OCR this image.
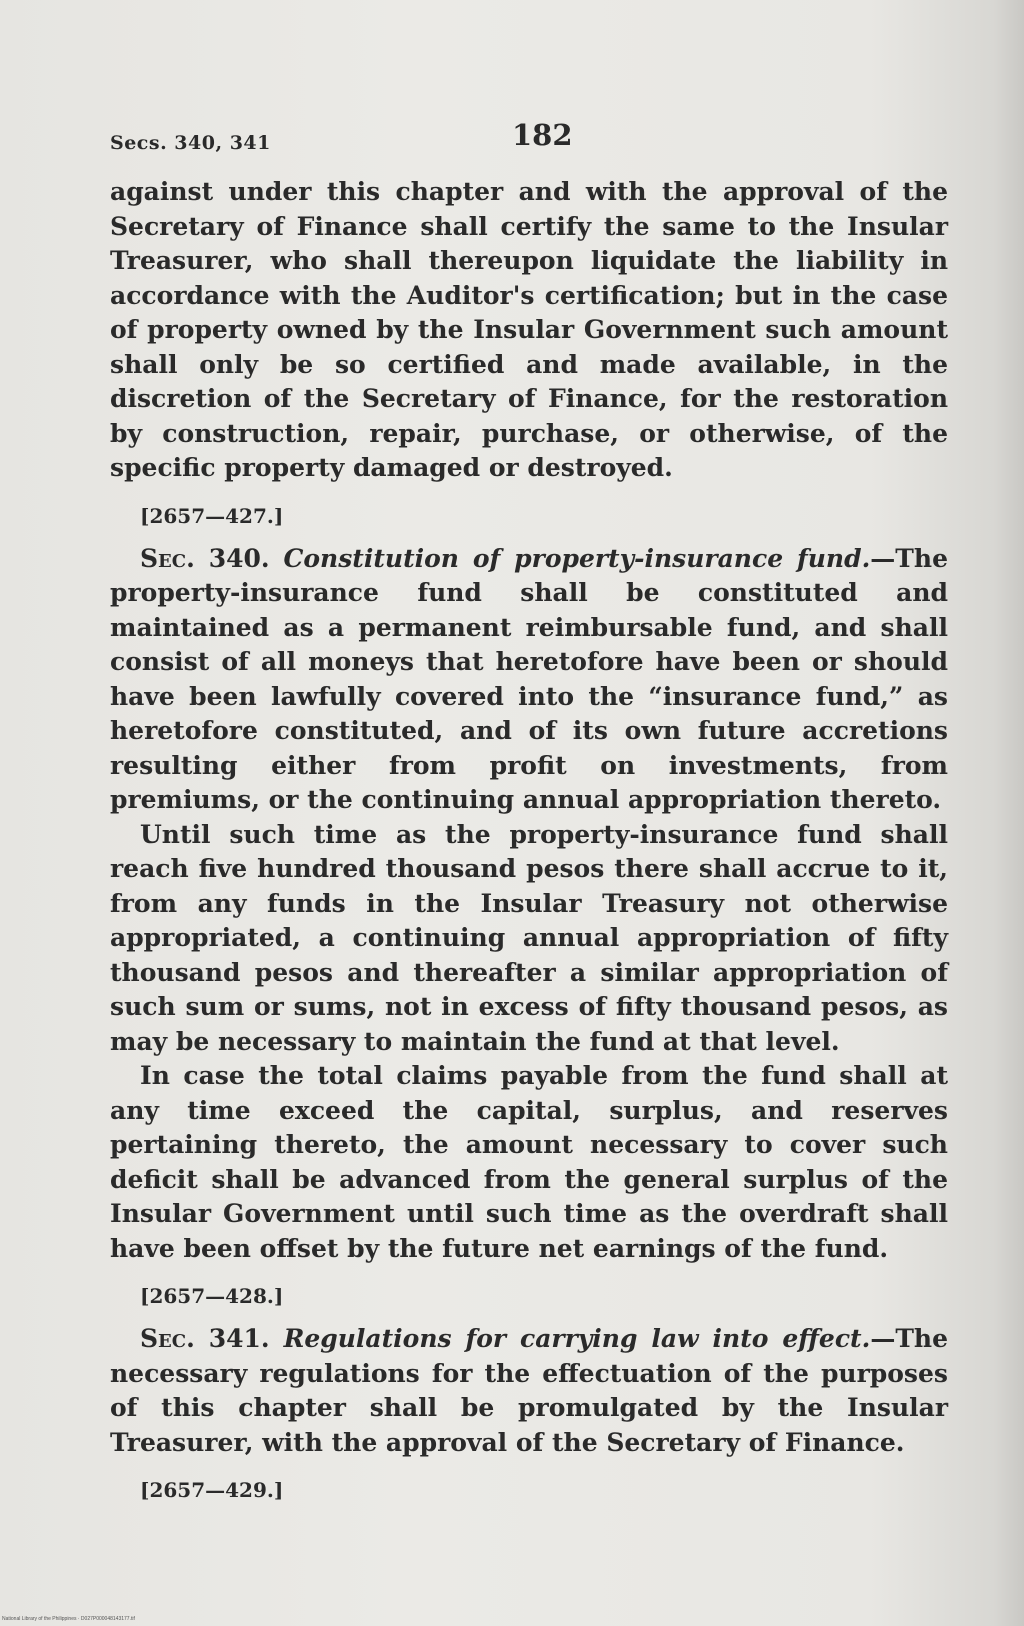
Secs. 340, 341	182

against under this chapter and with the approval of the Secretary of Finance shall certify the same to the Insular Treasurer, who shall thereupon liquidate the liability in accordance with the Auditor's certification; but in the case of property owned by the Insular Government such amount shall only be so certified and made available, in the discretion of the Secretary of Finance, for the restoration by construction, repair, purchase, or otherwise, of the specific property damaged or destroyed.

[2657—427.]

Sec. 340. Constitution of property-insurance fund.—The property-insurance fund shall be constituted and maintained as a permanent reimbursable fund, and shall consist of all moneys that heretofore have been or should have been lawfully covered into the “insurance fund,” as heretofore constituted, and of its own future accretions resulting either from profit on investments, from premiums, or the continuing annual appropriation thereto.

Until such time as the property-insurance fund shall reach five hundred thousand pesos there shall accrue to it, from any funds in the Insular Treasury not otherwise appropriated, a continuing annual appropriation of fifty thousand pesos and thereafter a similar appropriation of such sum or sums, not in excess of fifty thousand pesos, as may be necessary to maintain the fund at that level.

In case the total claims payable from the fund shall at any time exceed the capital, surplus, and reserves pertaining thereto, the amount necessary to cover such deficit shall be advanced from the general surplus of the Insular Government until such time as the overdraft shall have been offset by the future net earnings of the fund.

[2657—428.]

Sec. 341. Regulations for carrying law into effect.—The necessary regulations for the effectuation of the purposes of this chapter shall be promulgated by the Insular Treasurer, with the approval of the Secretary of Finance.

[2657—429.]
National Library of the Philippines · D027P000048143177.tif
